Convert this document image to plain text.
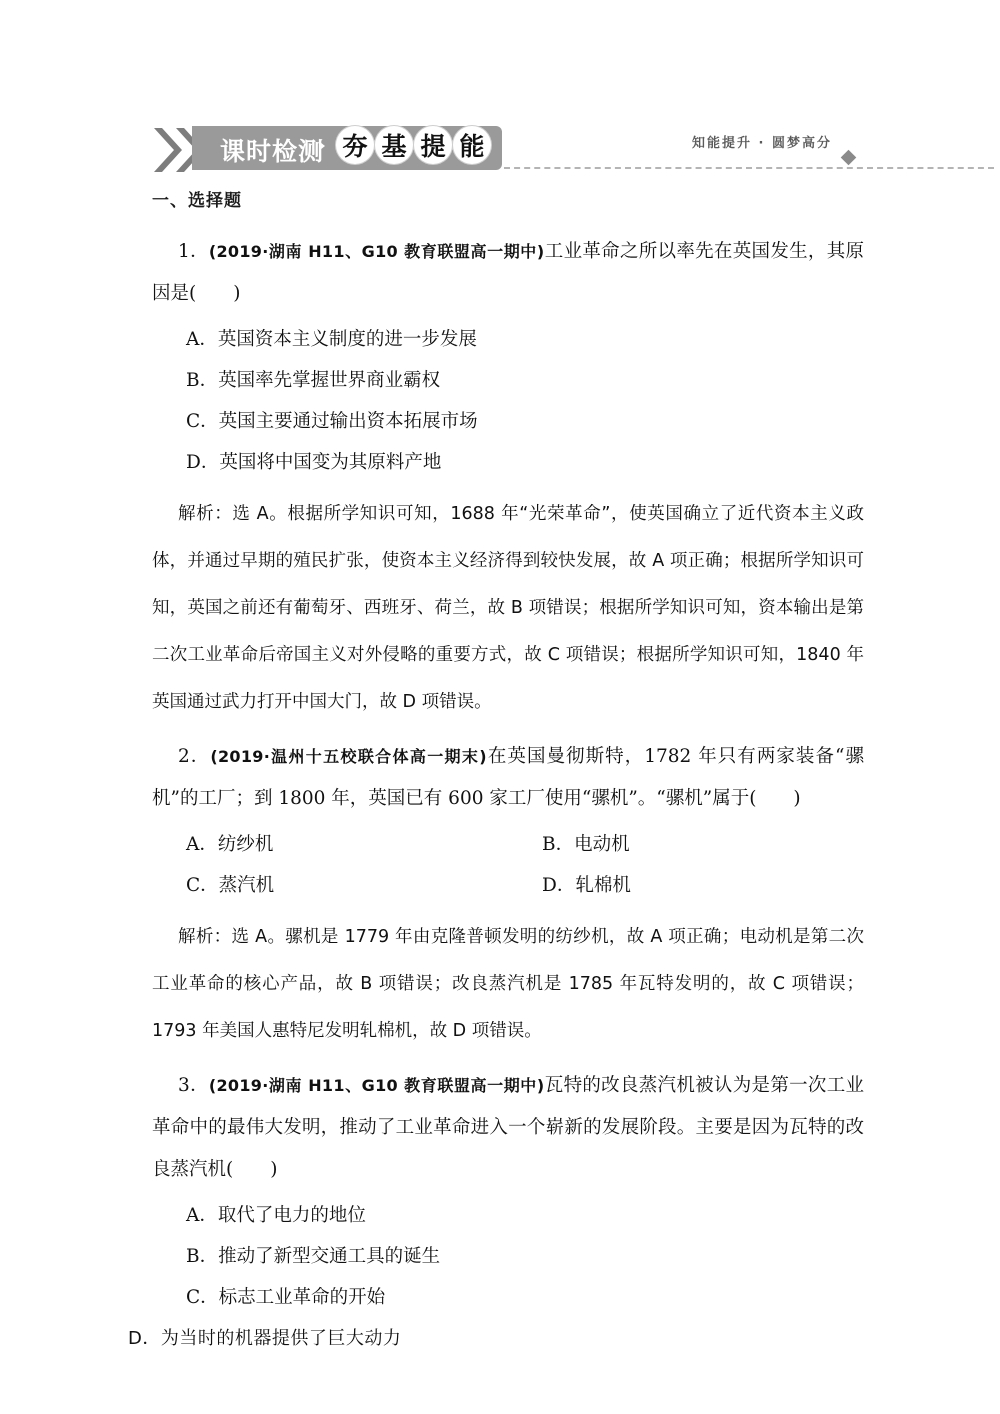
课时检测 夯 基 提 能	知能提升 · 圆梦高分
一、选择题
1．(2019·湖南 H11、G10 教育联盟高一期中)工业革命之所以率先在英国发生，其原因是(　　)
A．英国资本主义制度的进一步发展
B．英国率先掌握世界商业霸权
C．英国主要通过输出资本拓展市场
D．英国将中国变为其原料产地
解析：选 A。根据所学知识可知，1688 年“光荣革命”，使英国确立了近代资本主义政体，并通过早期的殖民扩张，使资本主义经济得到较快发展，故 A 项正确；根据所学知识可知，英国之前还有葡萄牙、西班牙、荷兰，故 B 项错误；根据所学知识可知，资本输出是第二次工业革命后帝国主义对外侵略的重要方式，故 C 项错误；根据所学知识可知，1840 年英国通过武力打开中国大门，故 D 项错误。
2．(2019·温州十五校联合体高一期末)在英国曼彻斯特，1782 年只有两家装备“骡机”的工厂；到 1800 年，英国已有 600 家工厂使用“骡机”。“骡机”属于(　　)
A．纺纱机	B．电动机
C．蒸汽机	D．轧棉机
解析：选 A。骡机是 1779 年由克隆普顿发明的纺纱机，故 A 项正确；电动机是第二次工业革命的核心产品，故 B 项错误；改良蒸汽机是 1785 年瓦特发明的，故 C 项错误；1793 年美国人惠特尼发明轧棉机，故 D 项错误。
3．(2019·湖南 H11、G10 教育联盟高一期中)瓦特的改良蒸汽机被认为是第一次工业革命中的最伟大发明，推动了工业革命进入一个崭新的发展阶段。主要是因为瓦特的改良蒸汽机(　　)
A．取代了电力的地位
B．推动了新型交通工具的诞生
C．标志工业革命的开始
D．为当时的机器提供了巨大动力
